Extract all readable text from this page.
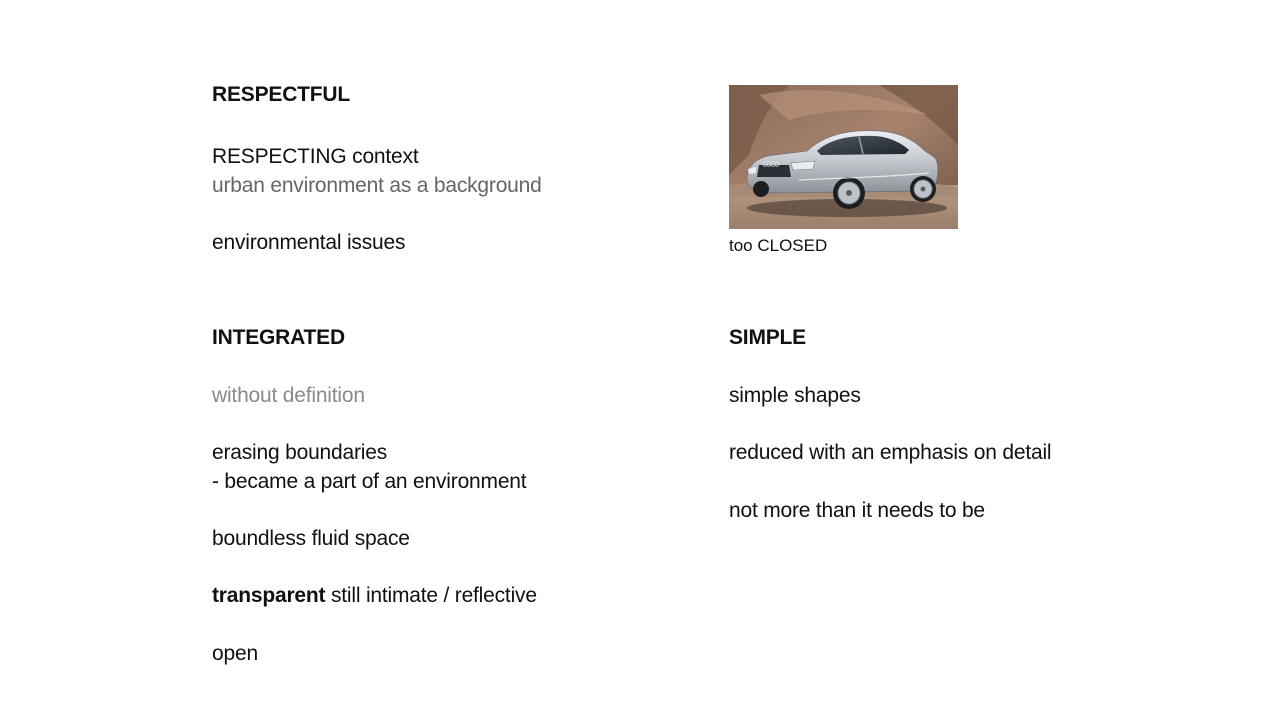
RESPECTFUL
RESPECTING context
urban environment as a background
environmental issues	too CLOSED
INTEGRATED
without definition
erasing boundaries
- became a part of an environment
boundless fluid space
transparent still intimate / reflective
open
SIMPLE
simple shapes
reduced with an emphasis on detail
not more than it needs to be
